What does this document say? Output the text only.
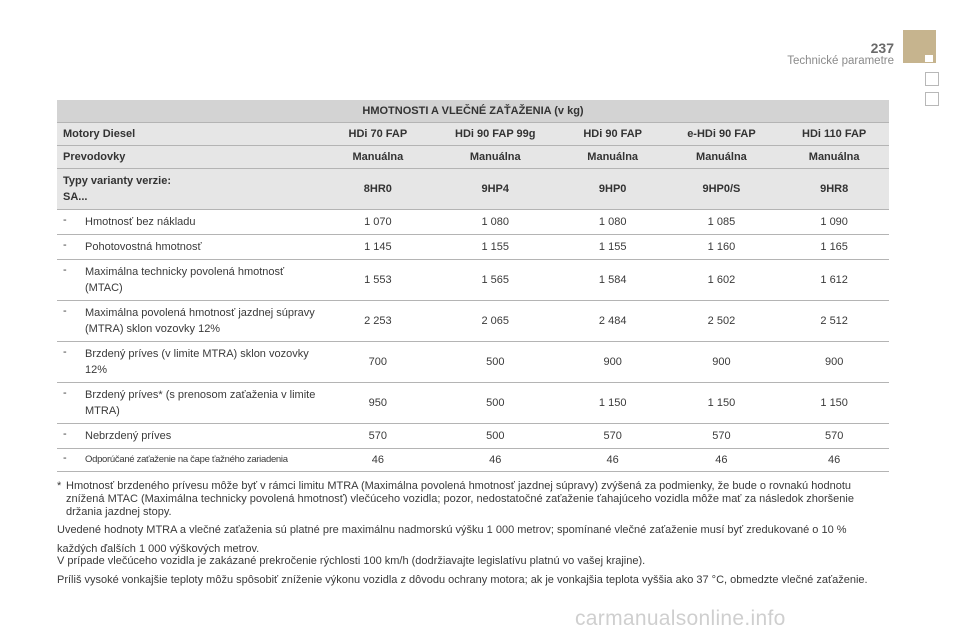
237
Technické parametre
HMOTNOSTI A VLEČNÉ ZAŤAŽENIA (v kg)					
Motory Diesel	HDi 70 FAP	HDi 90 FAP 99g	HDi 90 FAP	e-HDi 90 FAP	HDi 110 FAP
Prevodovky	Manuálna	Manuálna	Manuálna	Manuálna	Manuálna

Typy varianty verzie:
SA...	8HR0	9HP4	9HP0	9HP0/S	9HR8

- Hmotnosť bez nákladu	1 070	1 080	1 080	1 085	1 090

- Pohotovostná hmotnosť	1 145	1 155	1 155	1 160	1 165

- Maximálna technicky povolená hmotnosť (MTAC)	1 553	1 565	1 584	1 602	1 612

- Maximálna povolená hmotnosť jazdnej súpravy (MTRA) sklon vozovky 12%	2 253	2 065	2 484	2 502	2 512

- Brzdený príves (v limite MTRA) sklon vozovky 12%	700	500	900	900	900

- Brzdený príves* (s prenosom zaťaženia v limite MTRA)	950	500	1 150	1 150	1 150

- Nebrzdený príves	570	500	570	570	570

- Odporúčané zaťaženie na čape ťažného zariadenia	46	46	46	46	46
* Hmotnosť brzdeného prívesu môže byť v rámci limitu MTRA (Maximálna povolená hmotnosť jazdnej súpravy) zvýšená za podmienky, že bude o rovnakú hodnotu znížená MTAC (Maximálna technicky povolená hmotnosť) vlečúceho vozidla; pozor, nedostatočné zaťaženie ťahajúceho vozidla môže mať za následok zhoršenie držania jazdnej stopy.
Uvedené hodnoty MTRA a vlečné zaťaženia sú platné pre maximálnu nadmorskú výšku 1 000 metrov; spomínané vlečné zaťaženie musí byť zredukované o 10 % každých ďalších 1 000 výškových metrov.
V prípade vlečúceho vozidla je zakázané prekročenie rýchlosti 100 km/h (dodržiavajte legislatívu platnú vo vašej krajine).
Príliš vysoké vonkajšie teploty môžu spôsobiť zníženie výkonu vozidla z dôvodu ochrany motora; ak je vonkajšia teplota vyššia ako 37 °C, obmedzte vlečné zaťaženie.
carmanualsonline.info
